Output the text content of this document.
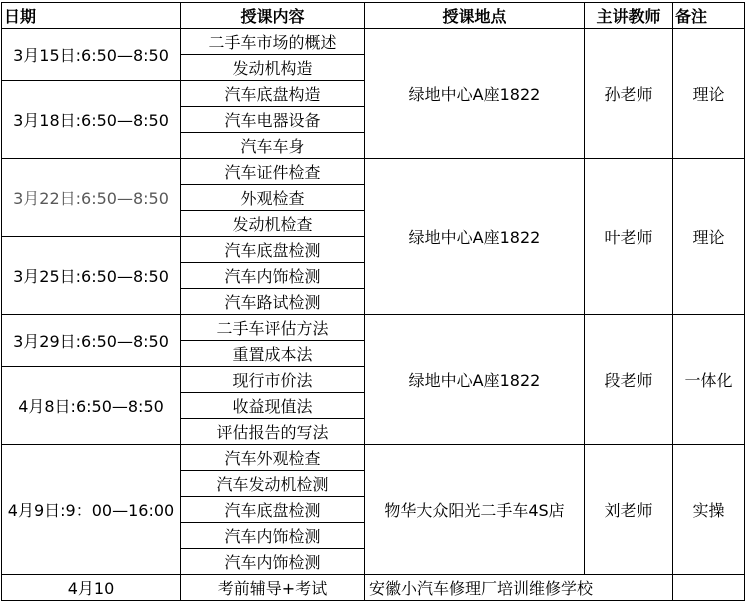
日期	授课内容	授课地点	主讲教师	备注
3月15日:6:50—8:50	二手车市场的概述	绿地中心A座1822	孙老师	理论
	发动机构造			
3月18日:6:50—8:50	汽车底盘构造			
	汽车电器设备			
	汽车车身			
3月22日:6:50—8:50	汽车证件检查	绿地中心A座1822	叶老师	理论
	外观检查			
	发动机检查			
3月25日:6:50—8:50	汽车底盘检测			
	汽车内饰检测			
	汽车路试检测			
3月29日:6:50—8:50	二手车评估方法	绿地中心A座1822	段老师	一体化
	重置成本法			
4月8日:6:50—8:50	现行市价法			
	收益现值法			
	评估报告的写法			
4月9日:9：00—16:00	汽车外观检查	物华大众阳光二手车4S店	刘老师	实操
	汽车发动机检测			
	汽车底盘检测			
	汽车内饰检测			
	汽车内饰检测			
4月10	考前辅导+考试	安徽小汽车修理厂培训维修学校		
